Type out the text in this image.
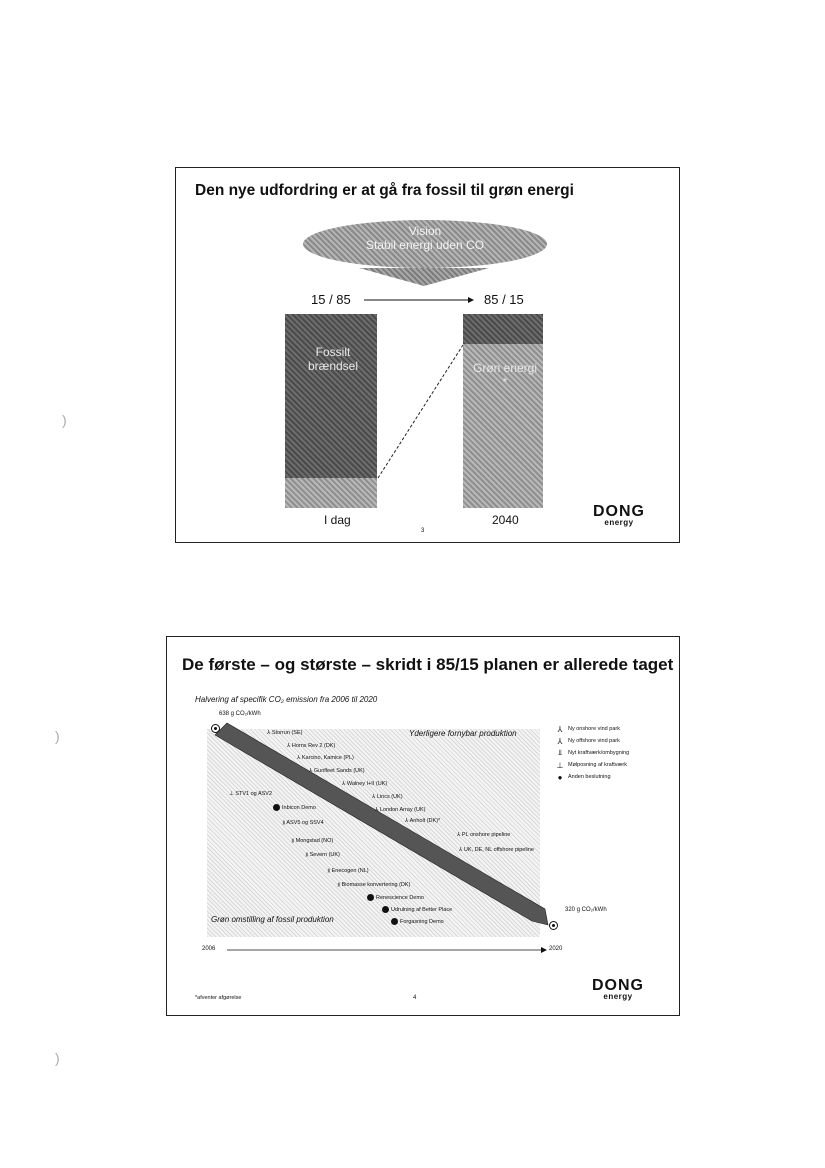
)
)
)
Den nye udfordring er at gå fra fossil til grøn energi
Vision
Stabil energi uden CO
15 / 85	85 / 15
Fossilt
brændsel	Grøn energi
*
I dag	2040
3
DONG
energy
De første – og største – skridt i 85/15 planen er allerede taget
Halvering af specifik CO₂ emission fra 2006 til 2020
638 g CO₂/kWh
Yderligere fornybar produktion
Grøn omstilling af fossil produktion
⅄ Storrun (SE)
⅄ Horns Rev 2 (DK)
⅄ Karcino, Kamice (PL)
⅄ Gunfleet Sands (UK)
⅄ Walney I+II (UK)
⊥ STV1 og ASV2	⅄ Lincs (UK)
Inbicon Demo	⅄ London Array (UK)
⅄ Anholt (DK)*
⫫ ASV5 og SSV4
⅄ PL onshore pipeline
⫫ Mongstad (NO)
⅄ UK, DE, NL offshore pipeline
⫫ Severn (UK)
⫫ Enecogen (NL)
⫫ Biomasse konvertering (DK)
Renescience Demo
Udrulning af Better Place
Forgasning Demo
⅄	Ny onshore vind park
⅄	Ny offshore vind park
⫫	Nyt kraftværk/ombygning
⊥ Mølposning af kraftværk
●	Anden beslutning
320 g CO₂/kWh
2006	2020
*afventer afgørelse	4
DONG
energy
